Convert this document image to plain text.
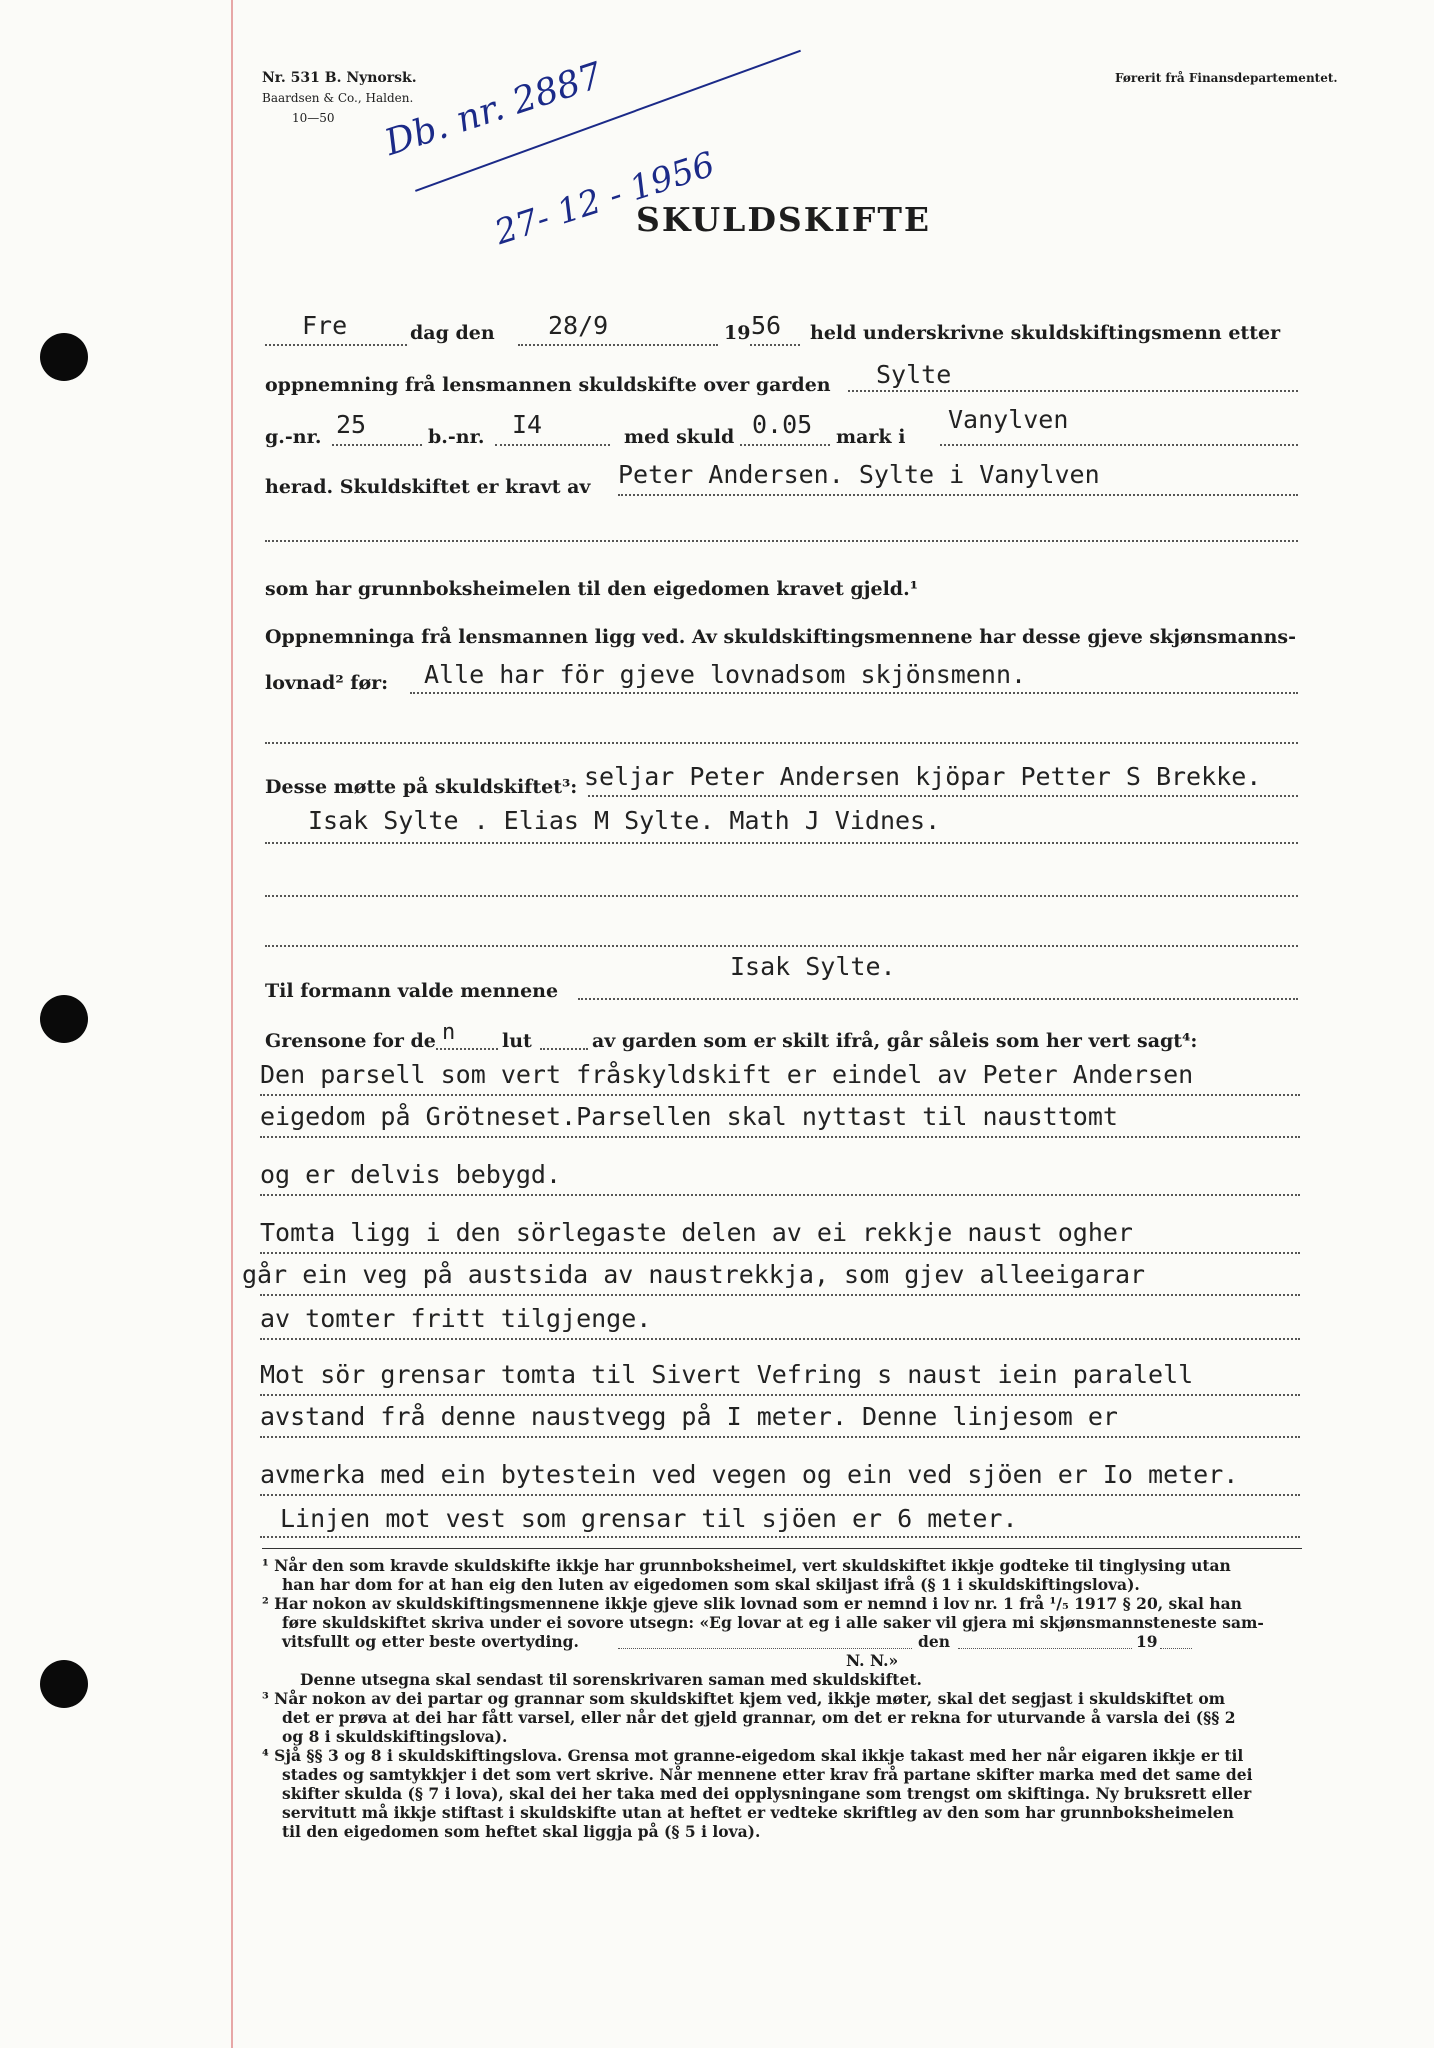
Nr. 531 B. Nynorsk.
Baardsen & Co., Halden.
10—50
Førerit frå Finansdepartementet.
Db. nr. 2887
27- 12 - 1956
SKULDSKIFTE
Fre	dag den 28/9	19 56 held underskrivne skuldskiftingsmenn etter
oppnemning frå lensmannen skuldskifte over garden Sylte
g.-nr. 25	b.-nr. I4	med skuld 0.05 mark i
Vanylven
herad. Skuldskiftet er kravt av Peter Andersen. Sylte i Vanylven
som har grunnboksheimelen til den eigedomen kravet gjeld.¹
Oppnemninga frå lensmannen ligg ved. Av skuldskiftingsmennene har desse gjeve skjønsmanns-
lovnad² før: Alle har för gjeve lovnadsom skjönsmenn.
Desse møtte på skuldskiftet³: seljar Peter Andersen kjöpar Petter S Brekke.
Isak Sylte . Elias M Sylte. Math J Vidnes.
Isak Sylte.
Til formann valde mennene
Grensone for de n lut	av garden som er skilt ifrå, går såleis som her vert sagt⁴:
Den parsell som vert fråskyldskift er eindel av Peter Andersen
eigedom på Grötneset.Parsellen skal nyttast til nausttomt
og er delvis bebygd.
Tomta ligg i den sörlegaste delen av ei rekkje naust ogher
går ein veg på austsida av naustrekkja, som gjev alleeigarar
av tomter fritt tilgjenge.
Mot sör grensar tomta til Sivert Vefring s naust iein paralell
avstand frå denne naustvegg på I meter. Denne linjesom er
avmerka med ein bytestein ved vegen og ein ved sjöen er Io meter.
Linjen mot vest som grensar til sjöen er 6 meter.
¹ Når den som kravde skuldskifte ikkje har grunnboksheimel, vert skuldskiftet ikkje godteke til tinglysing utan
han har dom for at han eig den luten av eigedomen som skal skiljast ifrå (§ 1 i skuldskiftingslova).
² Har nokon av skuldskiftingsmennene ikkje gjeve slik lovnad som er nemnd i lov nr. 1 frå ¹/₅ 1917 § 20, skal han
føre skuldskiftet skriva under ei sovore utsegn: «Eg lovar at eg i alle saker vil gjera mi skjønsmannsteneste sam-
vitsfullt og etter beste overtyding.	den	19
N. N.»
Denne utsegna skal sendast til sorenskrivaren saman med skuldskiftet.
³ Når nokon av dei partar og grannar som skuldskiftet kjem ved, ikkje møter, skal det segjast i skuldskiftet om
det er prøva at dei har fått varsel, eller når det gjeld grannar, om det er rekna for uturvande å varsla dei (§§ 2
og 8 i skuldskiftingslova).
⁴ Sjå §§ 3 og 8 i skuldskiftingslova. Grensa mot granne-eigedom skal ikkje takast med her når eigaren ikkje er til
stades og samtykkjer i det som vert skrive. Når mennene etter krav frå partane skifter marka med det same dei
skifter skulda (§ 7 i lova), skal dei her taka med dei opplysningane som trengst om skiftinga. Ny bruksrett eller
servitutt må ikkje stiftast i skuldskifte utan at heftet er vedteke skriftleg av den som har grunnboksheimelen
til den eigedomen som heftet skal liggja på (§ 5 i lova).
